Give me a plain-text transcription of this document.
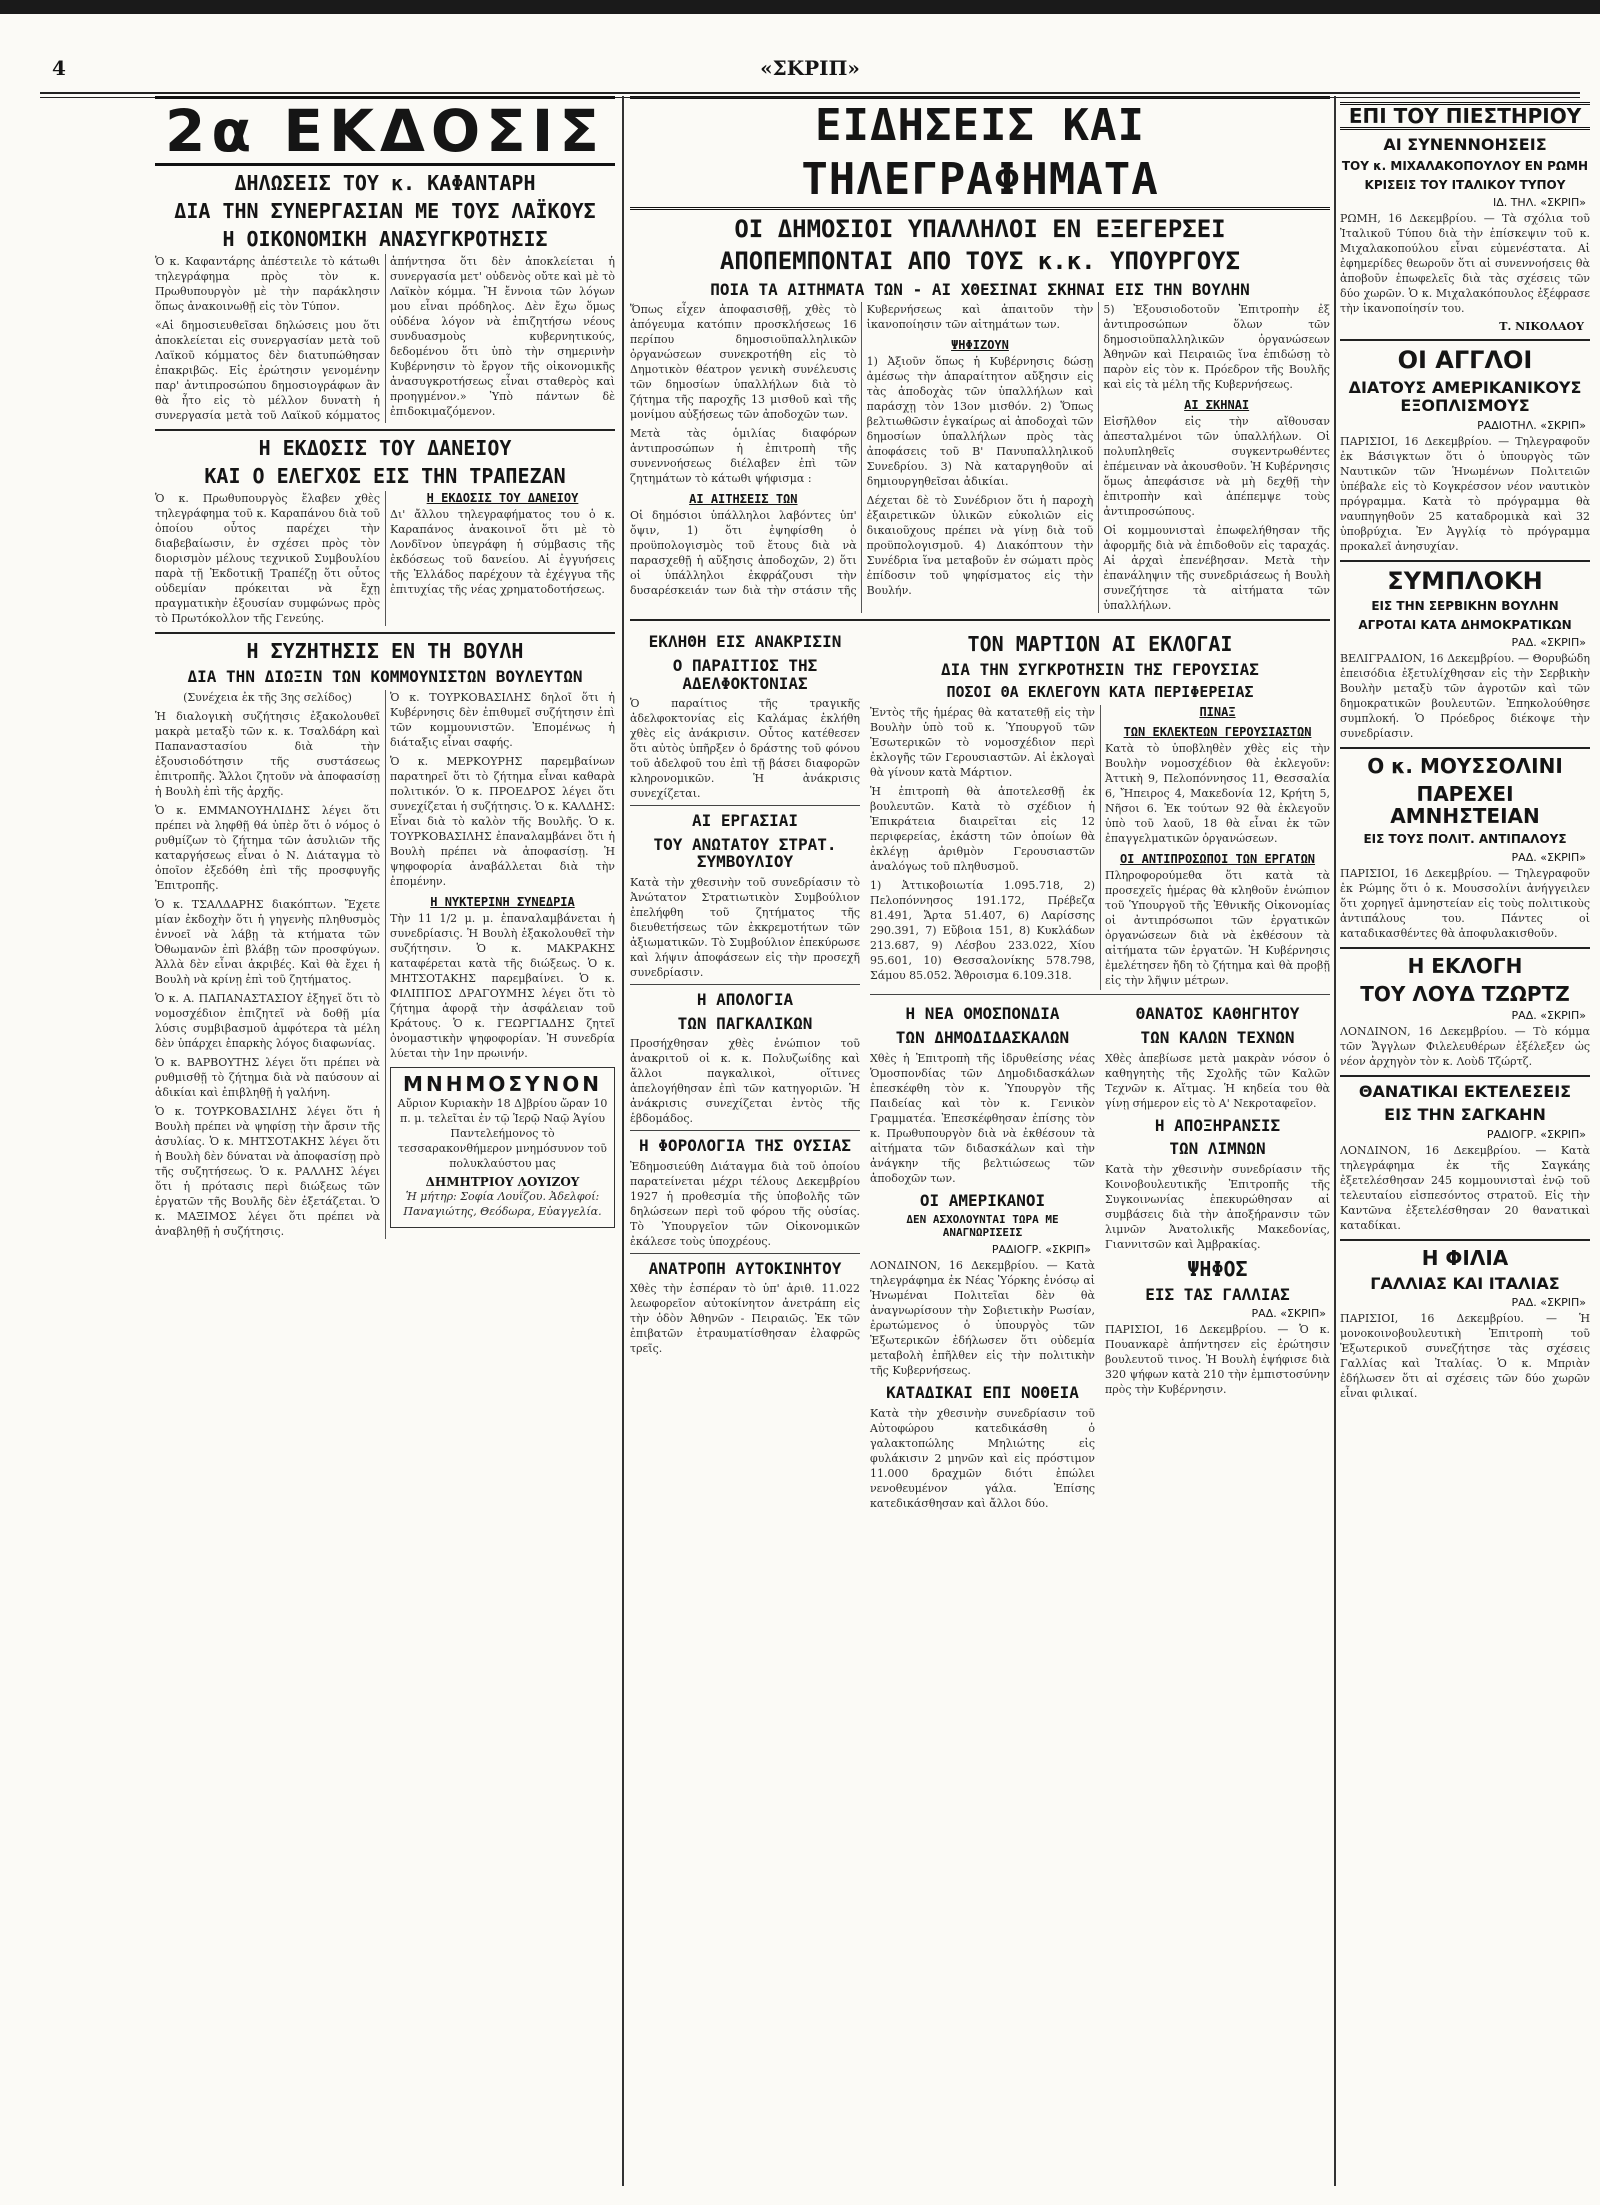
«ΣΚΡΙΠ»
4
2α ΕΚΔΟΣΙΣ
ΔΗΛΩΣΕΙΣ ΤΟΥ κ. ΚΑΦΑΝΤΑΡΗ
ΔΙΑ ΤΗΝ ΣΥΝΕΡΓΑΣΙΑΝ ΜΕ ΤΟΥΣ ΛΑΪΚΟΥΣ
Η ΟΙΚΟΝΟΜΙΚΗ ΑΝΑΣΥΓΚΡΟΤΗΣΙΣ

Ὁ κ. Καφαντάρης ἀπέστειλε τὸ κάτωθι τηλεγράφημα πρὸς τὸν κ. Πρωθυπουργὸν μὲ τὴν παράκλησιν ὅπως ἀνακοινωθῇ εἰς τὸν Τύπον.

«Αἱ δημοσιευθεῖσαι δηλώσεις μου ὅτι ἀποκλείεται εἰς συνεργασίαν μετὰ τοῦ Λαϊκοῦ κόμματος δὲν διατυπώθησαν ἐπακριβῶς. Εἰς ἐρώτησιν γενομένην παρ' ἀντιπροσώπου δημοσιογράφων ἂν θὰ ἦτο εἰς τὸ μέλλον δυνατὴ ἡ συνεργασία μετὰ τοῦ Λαϊκοῦ κόμματος ἀπήντησα ὅτι δὲν ἀποκλείεται ἡ συνεργασία μετ' οὐδενὸς οὔτε καὶ μὲ τὸ Λαϊκὸν κόμμα. Ἢ ἔννοια τῶν λόγων μου εἶναι πρόδηλος. Δὲν ἔχω ὅμως οὐδένα λόγον νὰ ἐπιζητήσω νέους συνδυασμοὺς κυβερνητικούς, δεδομένου ὅτι ὑπὸ τὴν σημερινὴν Κυβέρνησιν τὸ ἔργον τῆς οἰκονομικῆς ἀνασυγκροτήσεως εἶναι σταθερὸς καὶ προηγμένον.» Ὑπὸ πάντων δὲ ἐπιδοκιμαζόμενον.

Η ΕΚΔΟΣΙΣ ΤΟΥ ΔΑΝΕΙΟΥ
ΚΑΙ Ο ΕΛΕΓΧΟΣ ΕΙΣ ΤΗΝ ΤΡΑΠΕΖΑΝ

Ὁ κ. Πρωθυπουργὸς ἔλαβεν χθὲς τηλεγράφημα τοῦ κ. Καραπάνου διὰ τοῦ ὁποίου οὗτος παρέχει τὴν διαβεβαίωσιν, ἐν σχέσει πρὸς τὸν διορισμὸν μέλους τεχνικοῦ Συμβουλίου παρὰ τῇ Ἐκδοτικῇ Τραπέζῃ ὅτι οὗτος οὐδεμίαν πρόκειται νὰ ἔχῃ πραγματικὴν ἐξουσίαν συμφώνως πρὸς τὸ Πρωτόκολλον τῆς Γενεύης.

Η ΕΚΔΟΣΙΣ ΤΟΥ ΔΑΝΕΙΟΥ

Δι' ἄλλου τηλεγραφήματος του ὁ κ. Καραπάνος ἀνακοινοῖ ὅτι μὲ τὸ Λονδῖνον ὑπεγράφη ἡ σύμβασις τῆς ἐκδόσεως τοῦ δανείου. Αἱ ἐγγυήσεις τῆς Ἐλλάδος παρέχουν τὰ ἐχέγγυα τῆς ἐπιτυχίας τῆς νέας χρηματοδοτήσεως.

Η ΣΥΖΗΤΗΣΙΣ ΕΝ ΤΗ ΒΟΥΛΗ
ΔΙΑ ΤΗΝ ΔΙΩΞΙΝ ΤΩΝ ΚΟΜΜΟΥΝΙΣΤΩΝ ΒΟΥΛΕΥΤΩΝ

(Συνέχεια ἐκ τῆς 3ης σελίδος)

Ἡ διαλογικὴ συζήτησις ἐξακολουθεῖ μακρὰ μεταξὺ τῶν κ. κ. Τσαλδάρη καὶ Παπαναστασίου διὰ τὴν ἐξουσιοδότησιν τῆς συστάσεως ἐπιτροπῆς. Ἄλλοι ζητοῦν νὰ ἀποφασίσῃ ἡ Βουλὴ ἐπὶ τῆς ἀρχῆς.

Ὁ κ. ΕΜΜΑΝΟΥΗΛΙΔΗΣ λέγει ὅτι πρέπει νὰ ληφθῇ θά ὑπὲρ ὅτι ὁ νόμος ὁ ρυθμίζων τὸ ζήτημα τῶν ἀσυλιῶν τῆς καταργήσεως εἶναι ὁ Ν. Διάταγμα τὸ ὁποῖον ἐξεδόθη ἐπὶ τῆς προσφυγῆς Ἐπιτροπῆς.

Ὁ κ. ΤΣΑΛΔΑΡΗΣ διακόπτων. Ἔχετε μίαν ἐκδοχὴν ὅτι ἡ γηγενὴς πληθυσμὸς ἐννοεῖ νὰ λάβῃ τὰ κτήματα τῶν Ὀθωμανῶν ἐπὶ βλάβῃ τῶν προσφύγων. Ἀλλὰ δὲν εἶναι ἀκριβές. Καὶ θὰ ἔχει ἡ Βουλὴ νὰ κρίνῃ ἐπὶ τοῦ ζητήματος.

Ὁ κ. Α. ΠΑΠΑΝΑΣΤΑΣΙΟΥ ἐξηγεῖ ὅτι τὸ νομοσχέδιον ἐπιζητεῖ νὰ δοθῇ μία λύσις συμβιβασμοῦ ἀμφότερα τὰ μέλη δὲν ὑπάρχει ἐπαρκὴς λόγος διαφωνίας.

Ὁ κ. ΒΑΡΒΟΥΤΗΣ λέγει ὅτι πρέπει νὰ ρυθμισθῇ τὸ ζήτημα διὰ νὰ παύσουν αἱ ἀδικίαι καὶ ἐπιβληθῇ ἡ γαλήνη.

Ὁ κ. ΤΟΥΡΚΟΒΑΣΙΛΗΣ λέγει ὅτι ἡ Βουλὴ πρέπει νὰ ψηφίσῃ τὴν ἄρσιν τῆς ἀσυλίας. Ὁ κ. ΜΗΤΣΟΤΑΚΗΣ λέγει ὅτι ἡ Βουλὴ δὲν δύναται νὰ ἀποφασίσῃ πρὸ τῆς συζητήσεως. Ὁ κ. ΡΑΛΛΗΣ λέγει ὅτι ἡ πρότασις περὶ διώξεως τῶν ἐργατῶν τῆς Βουλῆς δὲν ἐξετάζεται. Ὁ κ. ΜΑΞΙΜΟΣ λέγει ὅτι πρέπει νὰ ἀναβληθῇ ἡ συζήτησις.

Ὁ κ. ΤΟΥΡΚΟΒΑΣΙΛΗΣ δηλοῖ ὅτι ἡ Κυβέρνησις δὲν ἐπιθυμεῖ συζήτησιν ἐπὶ τῶν κομμουνιστῶν. Ἐπομένως ἡ διάταξις εἶναι σαφής.

Ὁ κ. ΜΕΡΚΟΥΡΗΣ παρεμβαίνων παρατηρεῖ ὅτι τὸ ζήτημα εἶναι καθαρὰ πολιτικόν. Ὁ κ. ΠΡΟΕΔΡΟΣ λέγει ὅτι συνεχίζεται ἡ συζήτησις. Ὁ κ. ΚΑΛΔΗΣ: Εἶναι διὰ τὸ καλὸν τῆς Βουλῆς. Ὁ κ. ΤΟΥΡΚΟΒΑΣΙΛΗΣ ἐπαναλαμβάνει ὅτι ἡ Βουλὴ πρέπει νὰ ἀποφασίσῃ. Ἡ ψηφοφορία ἀναβάλλεται διὰ τὴν ἑπομένην.

Η ΝΥΚΤΕΡΙΝΗ ΣΥΝΕΔΡΙΑ

Τὴν 11 1/2 μ. μ. ἐπαναλαμβάνεται ἡ συνεδρίασις. Ἡ Βουλὴ ἐξακολουθεῖ τὴν συζήτησιν. Ὁ κ. ΜΑΚΡΑΚΗΣ καταφέρεται κατὰ τῆς διώξεως. Ὁ κ. ΜΗΤΣΟΤΑΚΗΣ παρεμβαίνει. Ὁ κ. ΦΙΛΙΠΠΟΣ ΔΡΑΓΟΥΜΗΣ λέγει ὅτι τὸ ζήτημα ἀφορᾷ τὴν ἀσφάλειαν τοῦ Κράτους. Ὁ κ. ΓΕΩΡΓΙΑΔΗΣ ζητεῖ ὀνομαστικὴν ψηφοφορίαν. Ἡ συνεδρία λύεται τὴν 1ην πρωινήν.

ΜΝΗΜΟΣΥΝΟΝ

Αὔριον Κυριακὴν 18 Δ]βρίου ὥραν 10 π. μ. τελεῖται ἐν τῷ Ἱερῷ Ναῷ Ἁγίου Παντελεήμονος τὸ τεσσαρακονθήμερον μνημόσυνον τοῦ πολυκλαύστου μας

ΔΗΜΗΤΡΙΟΥ ΛΟΥΙΖΟΥ

Ἡ μήτηρ: Σοφία Λουΐζου. Ἀδελφοί: Παναγιώτης, Θεόδωρα, Εὐαγγελία.

ΕΙΔΗΣΕΙΣ ΚΑΙ ΤΗΛΕΓΡΑΦΗΜΑΤΑ
ΟΙ ΔΗΜΟΣΙΟΙ ΥΠΑΛΛΗΛΟΙ ΕΝ ΕΞΕΓΕΡΣΕΙ
ΑΠΟΠΕΜΠΟΝΤΑΙ ΑΠΟ ΤΟΥΣ κ.κ. ΥΠΟΥΡΓΟΥΣ
ΠΟΙΑ ΤΑ ΑΙΤΗΜΑΤΑ ΤΩΝ - ΑΙ ΧΘΕΣΙΝΑΙ ΣΚΗΝΑΙ ΕΙΣ ΤΗΝ ΒΟΥΛΗΝ

Ὅπως εἶχεν ἀποφασισθῇ, χθὲς τὸ ἀπόγευμα κατόπιν προσκλήσεως 16 περίπου δημοσιοϋπαλληλικῶν ὀργανώσεων συνεκροτήθη εἰς τὸ Δημοτικὸν θέατρον γενικὴ συνέλευσις τῶν δημοσίων ὑπαλλήλων διὰ τὸ ζήτημα τῆς παροχῆς 13 μισθοῦ καὶ τῆς μονίμου αὐξήσεως τῶν ἀποδοχῶν των.

Μετὰ τὰς ὁμιλίας διαφόρων ἀντιπροσώπων ἡ ἐπιτροπὴ τῆς συνεννοήσεως διέλαβεν ἐπὶ τῶν ζητημάτων τὸ κάτωθι ψήφισμα :

ΑΙ ΑΙΤΗΣΕΙΣ ΤΩΝ

Οἱ δημόσιοι ὑπάλληλοι λαβόντες ὑπ' ὄψιν, 1) ὅτι ἐψηφίσθη ὁ προϋπολογισμὸς τοῦ ἔτους διὰ νὰ παρασχεθῇ ἡ αὔξησις ἀποδοχῶν, 2) ὅτι οἱ ὑπάλληλοι ἐκφράζουσι τὴν δυσαρέσκειάν των διὰ τὴν στάσιν τῆς Κυβερνήσεως καὶ ἀπαιτοῦν τὴν ἱκανοποίησιν τῶν αἰτημάτων των.

ΨΗΦΙΖΟΥΝ

1) Ἀξιοῦν ὅπως ἡ Κυβέρνησις δώσῃ ἀμέσως τὴν ἀπαραίτητον αὔξησιν εἰς τὰς ἀποδοχὰς τῶν ὑπαλλήλων καὶ παράσχῃ τὸν 13ον μισθόν. 2) Ὅπως βελτιωθῶσιν ἐγκαίρως αἱ ἀποδοχαὶ τῶν δημοσίων ὑπαλλήλων πρὸς τὰς ἀποφάσεις τοῦ Β' Πανυπαλληλικοῦ Συνεδρίου. 3) Νὰ καταργηθοῦν αἱ δημιουργηθεῖσαι ἀδικίαι.

Δέχεται δὲ τὸ Συνέδριον ὅτι ἡ παροχὴ ἐξαιρετικῶν ὑλικῶν εὐκολιῶν εἰς δικαιοῦχους πρέπει νὰ γίνῃ διὰ τοῦ προϋπολογισμοῦ. 4) Διακόπτουν τὴν Συνέδρια ἵνα μεταβοῦν ἐν σώματι πρὸς ἐπίδοσιν τοῦ ψηφίσματος εἰς τὴν Βουλήν.

5) Ἐξουσιοδοτοῦν Ἐπιτροπὴν ἐξ ἀντιπροσώπων ὅλων τῶν δημοσιοϋπαλληλικῶν ὀργανώσεων Ἀθηνῶν καὶ Πειραιῶς ἵνα ἐπιδώσῃ τὸ παρὸν εἰς τὸν κ. Πρόεδρον τῆς Βουλῆς καὶ εἰς τὰ μέλη τῆς Κυβερνήσεως.

ΑΙ ΣΚΗΝΑΙ

Εἰσῆλθον εἰς τὴν αἴθουσαν ἀπεσταλμένοι τῶν ὑπαλλήλων. Οἱ πολυπληθεῖς συγκεντρωθέντες ἐπέμειναν νὰ ἀκουσθοῦν. Ἡ Κυβέρνησις ὅμως ἀπεφάσισε νὰ μὴ δεχθῇ τὴν ἐπιτροπὴν καὶ ἀπέπεμψε τοὺς ἀντιπροσώπους.

Οἱ κομμουνισταὶ ἐπωφελήθησαν τῆς ἀφορμῆς διὰ νὰ ἐπιδοθοῦν εἰς ταραχάς. Αἱ ἀρχαὶ ἐπενέβησαν. Μετὰ τὴν ἐπανάληψιν τῆς συνεδριάσεως ἡ Βουλὴ συνεζήτησε τὰ αἰτήματα τῶν ὑπαλλήλων.

ΕΚΛΗΘΗ ΕΙΣ ΑΝΑΚΡΙΣΙΝ
Ο ΠΑΡΑΙΤΙΟΣ ΤΗΣ ΑΔΕΛΦΟΚΤΟΝΙΑΣ

Ὁ παραίτιος τῆς τραγικῆς ἀδελφοκτονίας εἰς Καλάμας ἐκλήθη χθὲς εἰς ἀνάκρισιν. Οὗτος κατέθεσεν ὅτι αὐτὸς ὑπῆρξεν ὁ δράστης τοῦ φόνου τοῦ ἀδελφοῦ του ἐπὶ τῇ βάσει διαφορῶν κληρονομικῶν. Ἡ ἀνάκρισις συνεχίζεται.

ΑΙ ΕΡΓΑΣΙΑΙ
ΤΟΥ ΑΝΩΤΑΤΟΥ ΣΤΡΑΤ. ΣΥΜΒΟΥΛΙΟΥ

Κατὰ τὴν χθεσινὴν τοῦ συνεδρίασιν τὸ Ἀνώτατον Στρατιωτικὸν Συμβούλιον ἐπελήφθη τοῦ ζητήματος τῆς διευθετήσεως τῶν ἐκκρεμοτήτων τῶν ἀξιωματικῶν. Τὸ Συμβούλιον ἐπεκύρωσε καὶ λήψιν ἀποφάσεων εἰς τὴν προσεχῆ συνεδρίασιν.

Η ΑΠΟΛΟΓΙΑ
ΤΩΝ ΠΑΓΚΑΛΙΚΩΝ

Προσήχθησαν χθὲς ἐνώπιον τοῦ ἀνακριτοῦ οἱ κ. κ. Πολυζωίδης καὶ ἄλλοι παγκαλικοὶ, οἵτινες ἀπελογήθησαν ἐπὶ τῶν κατηγοριῶν. Ἡ ἀνάκρισις συνεχίζεται ἐντὸς τῆς ἑβδομάδος.

Η ΦΟΡΟΛΟΓΙΑ ΤΗΣ ΟΥΣΙΑΣ

Ἐδημοσιεύθη Διάταγμα διὰ τοῦ ὁποίου παρατείνεται μέχρι τέλους Δεκεμβρίου 1927 ἡ προθεσμία τῆς ὑποβολῆς τῶν δηλώσεων περὶ τοῦ φόρου τῆς οὐσίας. Τὸ Ὑπουργεῖον τῶν Οἰκονομικῶν ἐκάλεσε τοὺς ὑποχρέους.

ΑΝΑΤΡΟΠΗ ΑΥΤΟΚΙΝΗΤΟΥ

Χθὲς τὴν ἑσπέραν τὸ ὑπ' ἀριθ. 11.022 λεωφορεῖον αὐτοκίνητον ἀνετράπη εἰς τὴν ὁδὸν Ἀθηνῶν - Πειραιῶς. Ἐκ τῶν ἐπιβατῶν ἐτραυματίσθησαν ἐλαφρῶς τρεῖς.

ΤΟΝ ΜΑΡΤΙΟΝ ΑΙ ΕΚΛΟΓΑΙ
ΔΙΑ ΤΗΝ ΣΥΓΚΡΟΤΗΣΙΝ ΤΗΣ ΓΕΡΟΥΣΙΑΣ
ΠΟΣΟΙ ΘΑ ΕΚΛΕΓΟΥΝ ΚΑΤΑ ΠΕΡΙΦΕΡΕΙΑΣ

Ἐντὸς τῆς ἡμέρας θὰ κατατεθῇ εἰς τὴν Βουλὴν ὑπὸ τοῦ κ. Ὑπουργοῦ τῶν Ἐσωτερικῶν τὸ νομοσχέδιον περὶ ἐκλογῆς τῶν Γερουσιαστῶν. Αἱ ἐκλογαὶ θὰ γίνουν κατὰ Μάρτιον.

Ἡ ἐπιτροπὴ θὰ ἀποτελεσθῇ ἐκ βουλευτῶν. Κατὰ τὸ σχέδιον ἡ Ἐπικράτεια διαιρεῖται εἰς 12 περιφερείας, ἑκάστη τῶν ὁποίων θὰ ἐκλέγῃ ἀριθμὸν Γερουσιαστῶν ἀναλόγως τοῦ πληθυσμοῦ.

1) Ἀττικοβοιωτία 1.095.718, 2) Πελοπόννησος 191.172, Πρέβεζα 81.491, Ἄρτα 51.407, 6) Λαρίσσης 290.391, 7) Εὔβοια 151, 8) Κυκλάδων 213.687, 9) Λέσβου 233.022, Χίου 95.601, 10) Θεσσαλονίκης 578.798, Σάμου 85.052. Ἄθροισμα 6.109.318.

ΠΙΝΑΞ
ΤΩΝ ΕΚΛΕΚΤΕΩΝ ΓΕΡΟΥΣΙΑΣΤΩΝ

Κατὰ τὸ ὑποβληθὲν χθὲς εἰς τὴν Βουλὴν νομοσχέδιον θὰ ἐκλεγοῦν: Ἀττικὴ 9, Πελοπόννησος 11, Θεσσαλία 6, Ἤπειρος 4, Μακεδονία 12, Κρήτη 5, Νῆσοι 6. Ἐκ τούτων 92 θὰ ἐκλεγοῦν ὑπὸ τοῦ λαοῦ, 18 θὰ εἶναι ἐκ τῶν ἐπαγγελματικῶν ὀργανώσεων.

ΟΙ ΑΝΤΙΠΡΟΣΩΠΟΙ ΤΩΝ ΕΡΓΑΤΩΝ

Πληροφορούμεθα ὅτι κατὰ τὰ προσεχεῖς ἡμέρας θὰ κληθοῦν ἐνώπιον τοῦ Ὑπουργοῦ τῆς Ἐθνικῆς Οἰκονομίας οἱ ἀντιπρόσωποι τῶν ἐργατικῶν ὀργανώσεων διὰ νὰ ἐκθέσουν τὰ αἰτήματα τῶν ἐργατῶν. Ἡ Κυβέρνησις ἐμελέτησεν ἤδη τὸ ζήτημα καὶ θὰ προβῇ εἰς τὴν λῆψιν μέτρων.

Η ΝΕΑ ΟΜΟΣΠΟΝΔΙΑ
ΤΩΝ ΔΗΜΟΔΙΔΑΣΚΑΛΩΝ

Χθὲς ἡ Ἐπιτροπὴ τῆς ἱδρυθείσης νέας Ὁμοσπονδίας τῶν Δημοδιδασκάλων ἐπεσκέφθη τὸν κ. Ὑπουργὸν τῆς Παιδείας καὶ τὸν κ. Γενικὸν Γραμματέα. Ἐπεσκέφθησαν ἐπίσης τὸν κ. Πρωθυπουργὸν διὰ νὰ ἐκθέσουν τὰ αἰτήματα τῶν διδασκάλων καὶ τὴν ἀνάγκην τῆς βελτιώσεως τῶν ἀποδοχῶν των.

ΟΙ ΑΜΕΡΙΚΑΝΟΙ
ΔΕΝ ΑΣΧΟΛΟΥΝΤΑΙ ΤΩΡΑ ΜΕ ΑΝΑΓΝΩΡΙΣΕΙΣ
ΡΑΔΙΟΓΡ. «ΣΚΡΙΠ»

ΛΟΝΔΙΝΟΝ, 16 Δεκεμβρίου. — Κατὰ τηλεγράφημα ἐκ Νέας Ὑόρκης ἐνόσῳ αἱ Ἡνωμέναι Πολιτεῖαι δὲν θὰ ἀναγνωρίσουν τὴν Σοβιετικὴν Ρωσίαν, ἐρωτώμενος ὁ ὑπουργὸς τῶν Ἐξωτερικῶν ἐδήλωσεν ὅτι οὐδεμία μεταβολὴ ἐπῆλθεν εἰς τὴν πολιτικὴν τῆς Κυβερνήσεως.

ΚΑΤΑΔΙΚΑΙ ΕΠΙ ΝΟΘΕΙΑ

Κατὰ τὴν χθεσινὴν συνεδρίασιν τοῦ Αὐτοφώρου κατεδικάσθη ὁ γαλακτοπώλης Μηλιώτης εἰς φυλάκισιν 2 μηνῶν καὶ εἰς πρόστιμον 11.000 δραχμῶν διότι ἐπώλει νενοθευμένον γάλα. Ἐπίσης κατεδικάσθησαν καὶ ἄλλοι δύο.

ΘΑΝΑΤΟΣ ΚΑΘΗΓΗΤΟΥ
ΤΩΝ ΚΑΛΩΝ ΤΕΧΝΩΝ

Χθὲς ἀπεβίωσε μετὰ μακρὰν νόσον ὁ καθηγητὴς τῆς Σχολῆς τῶν Καλῶν Τεχνῶν κ. Αἴτμας. Ἡ κηδεία του θὰ γίνῃ σήμερον εἰς τὸ Α' Νεκροταφεῖον.

Η ΑΠΟΞΗΡΑΝΣΙΣ
ΤΩΝ ΛΙΜΝΩΝ

Κατὰ τὴν χθεσινὴν συνεδρίασιν τῆς Κοινοβουλευτικῆς Ἐπιτροπῆς τῆς Συγκοινωνίας ἐπεκυρώθησαν αἱ συμβάσεις διὰ τὴν ἀποξήρανσιν τῶν λιμνῶν Ἀνατολικῆς Μακεδονίας, Γιαννιτσῶν καὶ Ἀμβρακίας.

ΨΗΦΟΣ
ΕΙΣ ΤΑΣ ΓΑΛΛΙΑΣ
ΡΑΔ. «ΣΚΡΙΠ»

ΠΑΡΙΣΙΟΙ, 16 Δεκεμβρίου. — Ὁ κ. Πουανκαρὲ ἀπήντησεν εἰς ἐρώτησιν βουλευτοῦ τινος. Ἡ Βουλὴ ἐψήφισε διὰ 320 ψήφων κατὰ 210 τὴν ἐμπιστοσύνην πρὸς τὴν Κυβέρνησιν.

ΕΠΙ ΤΟΥ ΠΙΕΣΤΗΡΙΟΥ
ΑΙ ΣΥΝΕΝΝΟΗΣΕΙΣ
ΤΟΥ κ. ΜΙΧΑΛΑΚΟΠΟΥΛΟΥ ΕΝ ΡΩΜΗ
ΚΡΙΣΕΙΣ ΤΟΥ ΙΤΑΛΙΚΟΥ ΤΥΠΟΥ
ΙΔ. ΤΗΛ. «ΣΚΡΙΠ»

ΡΩΜΗ, 16 Δεκεμβρίου. — Τὰ σχόλια τοῦ Ἰταλικοῦ Τύπου διὰ τὴν ἐπίσκεψιν τοῦ κ. Μιχαλακοπούλου εἶναι εὐμενέστατα. Αἱ ἐφημερίδες θεωροῦν ὅτι αἱ συνεννοήσεις θὰ ἀποβοῦν ἐπωφελεῖς διὰ τὰς σχέσεις τῶν δύο χωρῶν. Ὁ κ. Μιχαλακόπουλος ἐξέφρασε τὴν ἱκανοποίησίν του.

Τ. ΝΙΚΟΛΑΟΥ
ΟΙ ΑΓΓΛΟΙ
ΔΙΑΤΟΥΣ ΑΜΕΡΙΚΑΝΙΚΟΥΣ ΕΞΟΠΛΙΣΜΟΥΣ
ΡΑΔΙΟΤΗΛ. «ΣΚΡΙΠ»

ΠΑΡΙΣΙΟΙ, 16 Δεκεμβρίου. — Τηλεγραφοῦν ἐκ Βάσιγκτων ὅτι ὁ ὑπουργὸς τῶν Ναυτικῶν τῶν Ἡνωμένων Πολιτειῶν ὑπέβαλε εἰς τὸ Κογκρέσσον νέον ναυτικὸν πρόγραμμα. Κατὰ τὸ πρόγραμμα θὰ ναυπηγηθοῦν 25 καταδρομικὰ καὶ 32 ὑποβρύχια. Ἐν Ἀγγλίᾳ τὸ πρόγραμμα προκαλεῖ ἀνησυχίαν.

ΣΥΜΠΛΟΚΗ
ΕΙΣ ΤΗΝ ΣΕΡΒΙΚΗΝ ΒΟΥΛΗΝ
ΑΓΡΟΤΑΙ ΚΑΤΑ ΔΗΜΟΚΡΑΤΙΚΩΝ
ΡΑΔ. «ΣΚΡΙΠ»

ΒΕΛΙΓΡΑΔΙΟΝ, 16 Δεκεμβρίου. — Θορυβώδη ἐπεισόδια ἐξετυλίχθησαν εἰς τὴν Σερβικὴν Βουλὴν μεταξὺ τῶν ἀγροτῶν καὶ τῶν δημοκρατικῶν βουλευτῶν. Ἐπηκολούθησε συμπλοκή. Ὁ Πρόεδρος διέκοψε τὴν συνεδρίασιν.

Ο κ. ΜΟΥΣΣΟΛΙΝΙ
ΠΑΡΕΧΕΙ ΑΜΝΗΣΤΕΙΑΝ
ΕΙΣ ΤΟΥΣ ΠΟΛΙΤ. ΑΝΤΙΠΑΛΟΥΣ
ΡΑΔ. «ΣΚΡΙΠ»

ΠΑΡΙΣΙΟΙ, 16 Δεκεμβρίου. — Τηλεγραφοῦν ἐκ Ρώμης ὅτι ὁ κ. Μουσσολίνι ἀνήγγειλεν ὅτι χορηγεῖ ἀμνηστείαν εἰς τοὺς πολιτικοὺς ἀντιπάλους του. Πάντες οἱ καταδικασθέντες θὰ ἀποφυλακισθοῦν.

Η ΕΚΛΟΓΗ
ΤΟΥ ΛΟΥΔ ΤΖΩΡΤΖ
ΡΑΔ. «ΣΚΡΙΠ»

ΛΟΝΔΙΝΟΝ, 16 Δεκεμβρίου. — Τὸ κόμμα τῶν Ἄγγλων Φιλελευθέρων ἐξέλεξεν ὡς νέον ἀρχηγὸν τὸν κ. Λοὺδ Τζώρτζ.

ΘΑΝΑΤΙΚΑΙ ΕΚΤΕΛΕΣΕΙΣ
ΕΙΣ ΤΗΝ ΣΑΓΚΑΗΝ
ΡΑΔΙΟΓΡ. «ΣΚΡΙΠ»

ΛΟΝΔΙΝΟΝ, 16 Δεκεμβρίου. — Κατὰ τηλεγράφημα ἐκ τῆς Σαγκάης ἐξετελέσθησαν 245 κομμουνισταὶ ἐνῷ τοῦ τελευταίου εἰσπεσόντος στρατοῦ. Εἰς τὴν Καντῶνα ἐξετελέσθησαν 20 θανατικαὶ καταδίκαι.

Η ΦΙΛΙΑ
ΓΑΛΛΙΑΣ ΚΑΙ ΙΤΑΛΙΑΣ
ΡΑΔ. «ΣΚΡΙΠ»

ΠΑΡΙΣΙΟΙ, 16 Δεκεμβρίου. — Ἡ μονοκοινοβουλευτικὴ Ἐπιτροπὴ τοῦ Ἐξωτερικοῦ συνεζήτησε τὰς σχέσεις Γαλλίας καὶ Ἰταλίας. Ὁ κ. Μπριὰν ἐδήλωσεν ὅτι αἱ σχέσεις τῶν δύο χωρῶν εἶναι φιλικαί.
